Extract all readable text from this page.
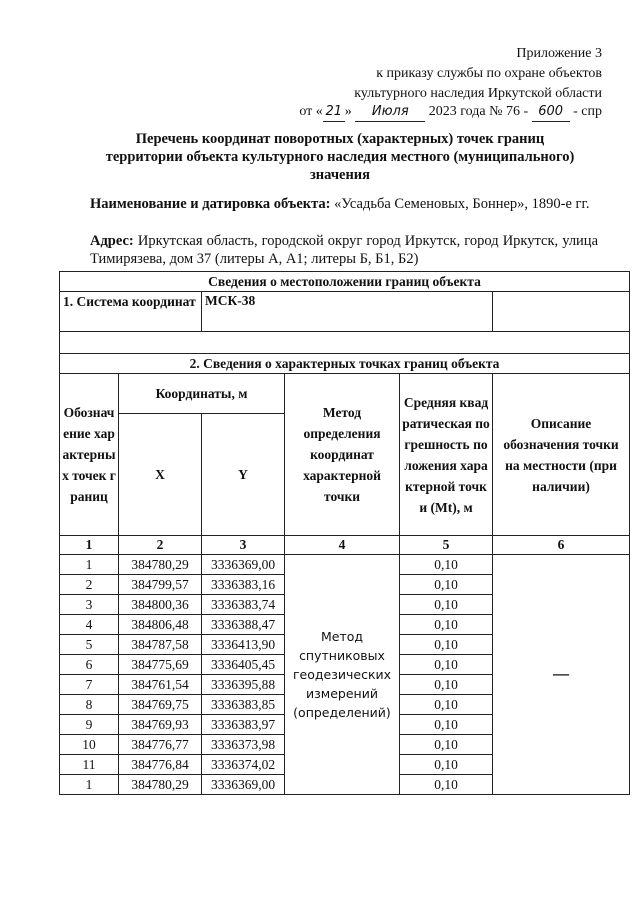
Приложение 3
к приказу службы по охране объектов
культурного наследия Иркутской области
от « 21 » Июля 2023 года № 76 - 600 - спр
Перечень координат поворотных (характерных) точек границ
территории объекта культурного наследия местного (муниципального)
значения
Наименование и датировка объекта: «Усадьба Семеновых, Боннер», 1890-е гг.
Адрес: Иркутская область, городской округ город Иркутск, город Иркутск, улица Тимирязева, дом 37 (литеры А, А1; литеры Б, Б1, Б2)
Сведения о местоположении границ объекта					
1. Система координат		МСК-38			

2. Сведения о характерных точках границ объекта					
Обозначение характерных точек границ	Координаты, м		Метод определения координат характерной точки	Средняя квадратическая погрешность положения характерной точки (Mt), м	Описание обозначения точки на местности (при наличии)
	X	Y			
1	2	3	4	5	6
1	384780,29	3336369,00	Метод спутниковых геодезических измерений (определений)	0,10	—
2	384799,57	3336383,16		0,10	
3	384800,36	3336383,74		0,10	
4	384806,48	3336388,47		0,10	
5	384787,58	3336413,90		0,10	
6	384775,69	3336405,45		0,10	
7	384761,54	3336395,88		0,10	
8	384769,75	3336383,85		0,10	
9	384769,93	3336383,97		0,10	
10	384776,77	3336373,98		0,10	
11	384776,84	3336374,02		0,10	
1	384780,29	3336369,00		0,10	
